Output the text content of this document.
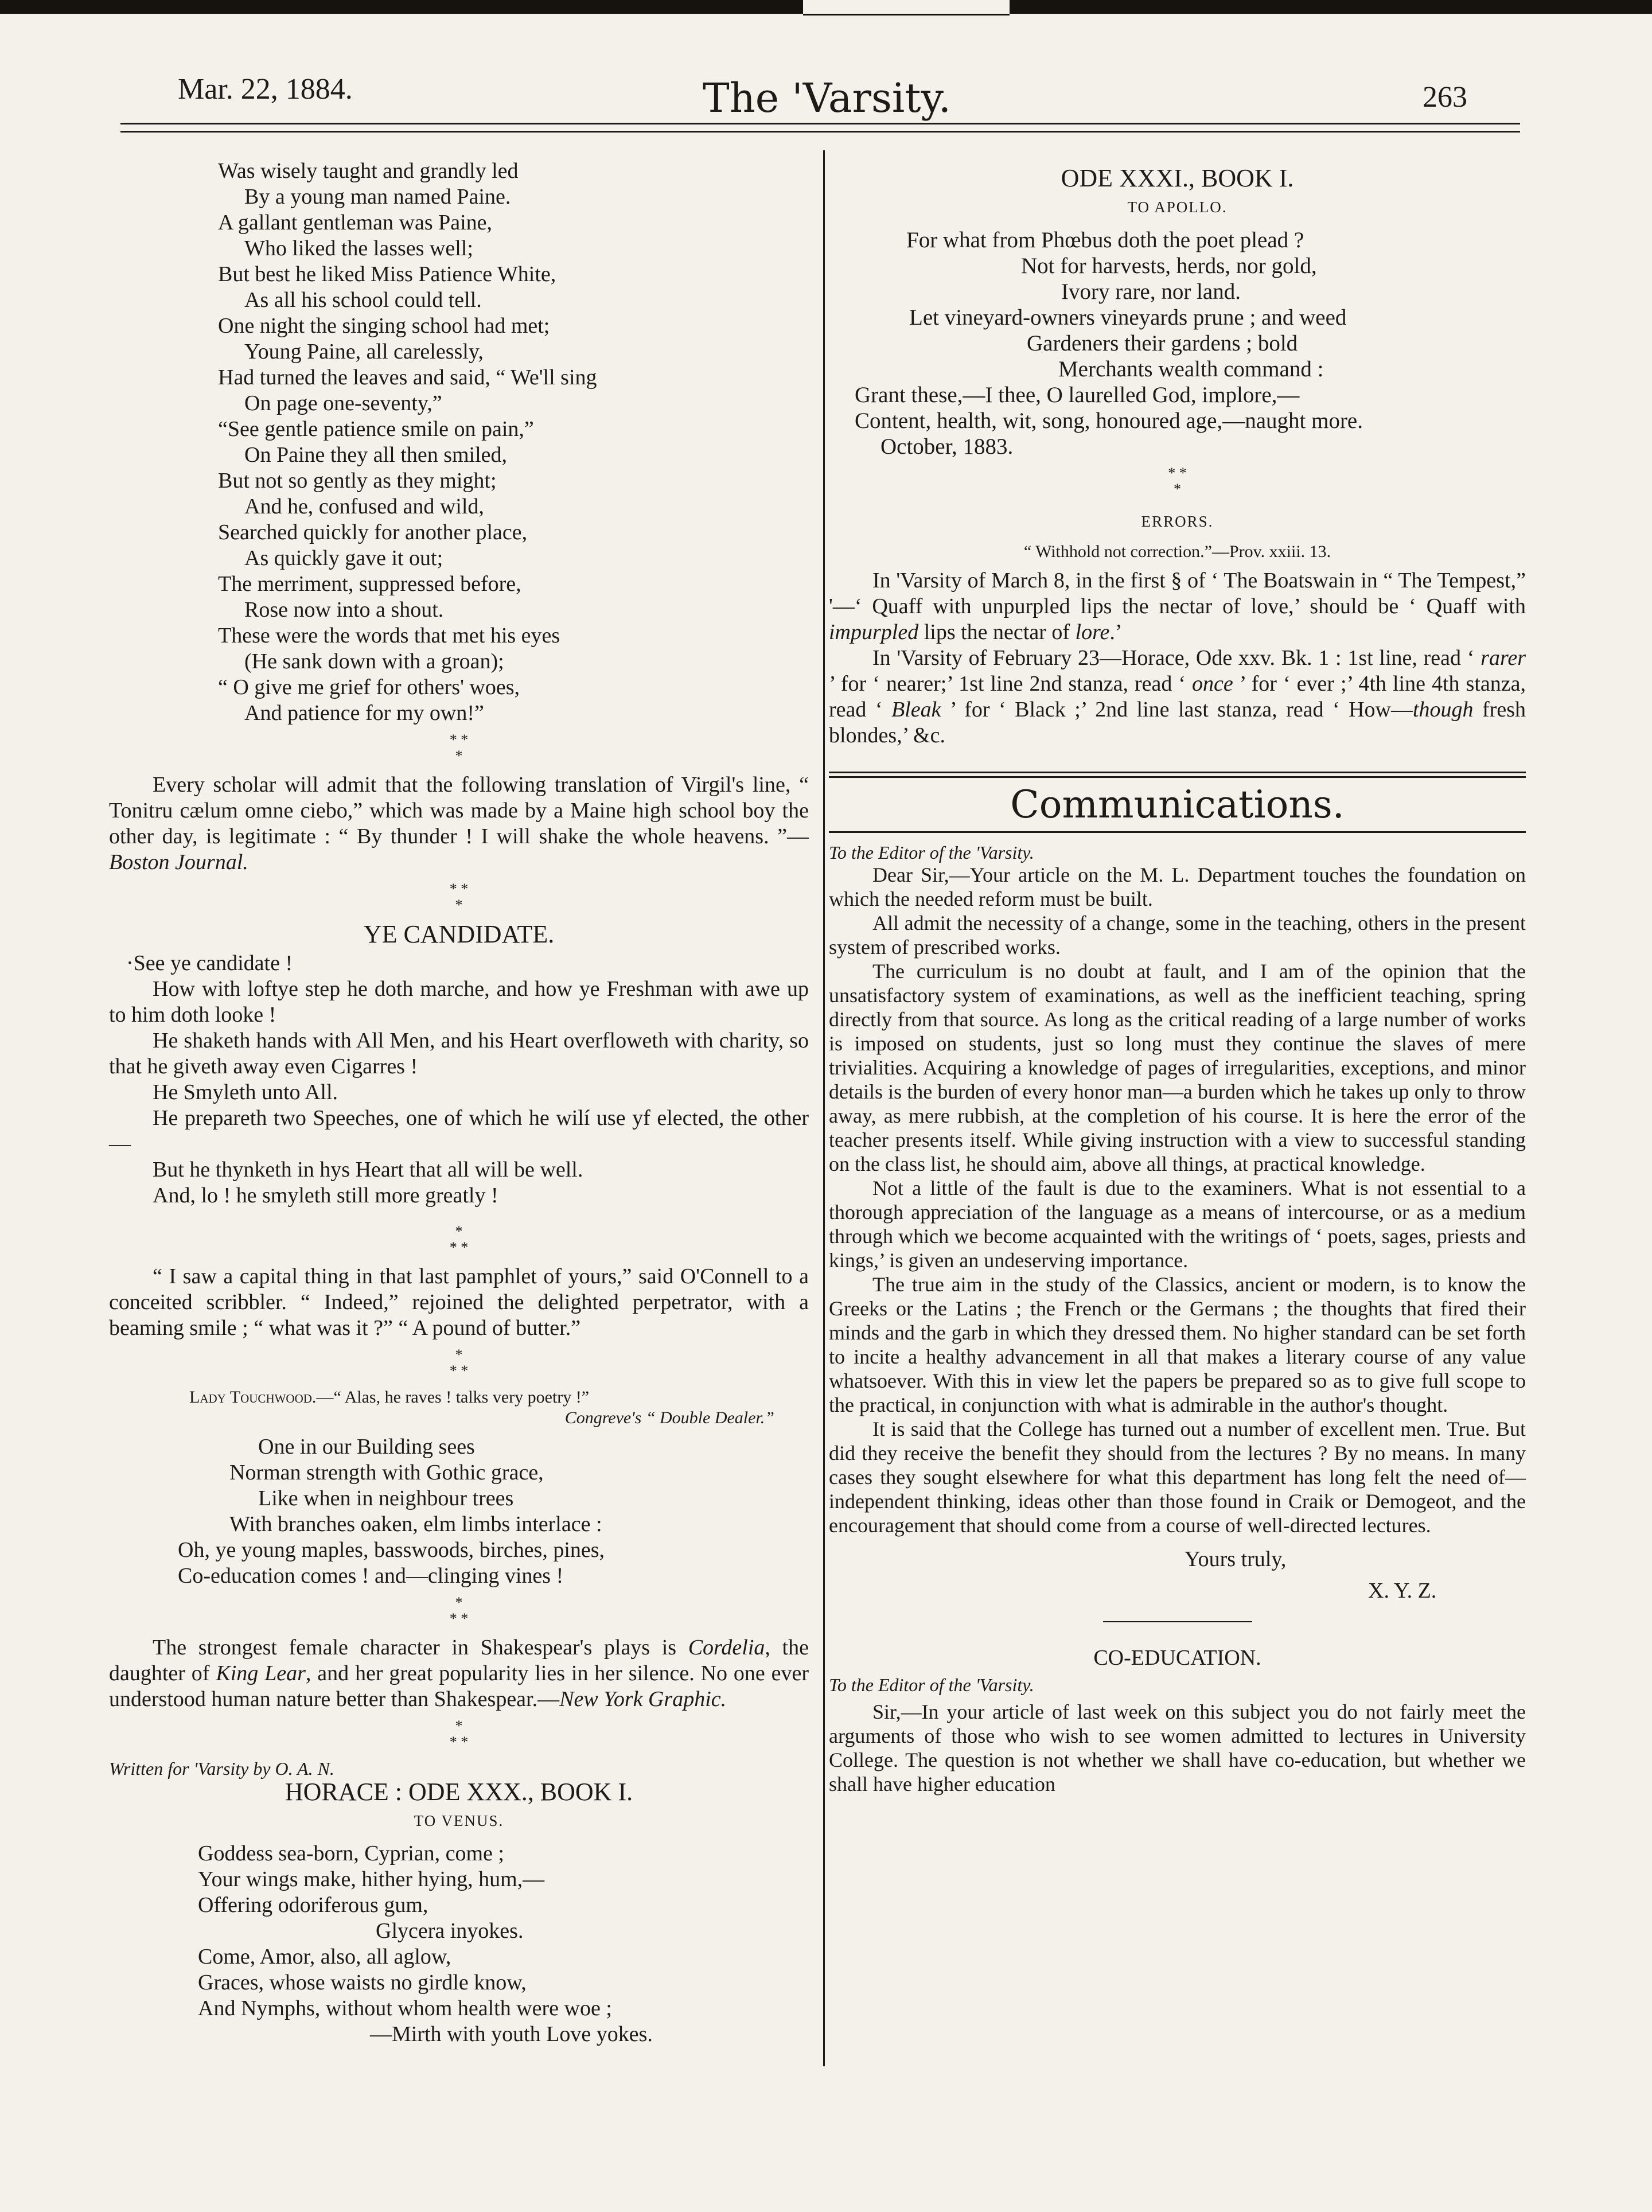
Mar. 22, 1884.	The 'Varsity.	263

Was wisely taught and grandly led
By a young man named Paine.

A gallant gentleman was Paine,
Who liked the lasses well;
But best he liked Miss Patience White,
As all his school could tell.

One night the singing school had met;
Young Paine, all carelessly,
Had turned the leaves and said, “ We'll sing
On page one-seventy,”

“See gentle patience smile on pain,”
On Paine they all then smiled,
But not so gently as they might;
And he, confused and wild,

Searched quickly for another place,
As quickly gave it out;
The merriment, suppressed before,
Rose now into a shout.

These were the words that met his eyes
(He sank down with a groan);
“ O give me grief for others' woes,
And patience for my own!”

* *
*

Every scholar will admit that the following translation of Virgil's line, “ Tonitru cælum omne ciebo,” which was made by a Maine high school boy the other day, is legitimate : “ By thunder ! I will shake the whole heavens. ”—Boston Journal.

* *
*
YE CANDIDATE.

·See ye candidate !

How with loftye step he doth marche, and how ye Freshman with awe up to him doth looke !

He shaketh hands with All Men, and his Heart overfloweth with charity, so that he giveth away even Cigarres !

He Smyleth unto All.

He prepareth two Speeches, one of which he wilí use yf elected, the other—

But he thynketh in hys Heart that all will be well.

And, lo ! he smyleth still more greatly !

*
* *

“ I saw a capital thing in that last pamphlet of yours,” said O'Connell to a conceited scribbler. “ Indeed,” rejoined the delighted perpetrator, with a beaming smile ; “ what was it ?” “ A pound of butter.”

*
* *

Lady Touchwood.—“ Alas, he raves ! talks very poetry !”

Congreve's “ Double Dealer.”

One in our Building sees
Norman strength with Gothic grace,
Like when in neighbour trees
With branches oaken, elm limbs interlace :
Oh, ye young maples, basswoods, birches, pines,
Co-education comes ! and—clinging vines !
*
* *

The strongest female character in Shakespear's plays is Cordelia, the daughter of King Lear, and her great popularity lies in her silence. No one ever understood human nature better than Shakespear.—New York Graphic.

*
* *

Written for 'Varsity by O. A. N.

HORACE : ODE XXX., BOOK I.
TO VENUS.
Goddess sea-born, Cyprian, come ;
Your wings make, hither hying, hum,—
Offering odoriferous gum,
Glycera inyokes.
Come, Amor, also, all aglow,
Graces, whose waists no girdle know,
And Nymphs, without whom health were woe ;
—Mirth with youth Love yokes.
ODE XXXI., BOOK I.
TO APOLLO.
For what from Phœbus doth the poet plead ?
Not for harvests, herds, nor gold,
Ivory rare, nor land.
Let vineyard-owners vineyards prune ; and weed
Gardeners their gardens ; bold
Merchants wealth command :
Grant these,—I thee, O laurelled God, implore,—
Content, health, wit, song, honoured age,—naught more.
October, 1883.
* *
*
ERRORS.

“ Withhold not correction.”—Prov. xxiii. 13.

In 'Varsity of March 8, in the first § of ‘ The Boatswain in “ The Tempest,” '—‘ Quaff with unpurpled lips the nectar of love,’ should be ‘ Quaff with impurpled lips the nectar of lore.’

In 'Varsity of February 23—Horace, Ode xxv. Bk. 1 : 1st line, read ‘ rarer ’ for ‘ nearer;’ 1st line 2nd stanza, read ‘ once ’ for ‘ ever ;’ 4th line 4th stanza, read ‘ Bleak ’ for ‘ Black ;’ 2nd line last stanza, read ‘ How—though fresh blondes,’ &c.

Communications.

To the Editor of the 'Varsity.

Dear Sir,—Your article on the M. L. Department touches the foundation on which the needed reform must be built.

All admit the necessity of a change, some in the teaching, others in the present system of prescribed works.

The curriculum is no doubt at fault, and I am of the opinion that the unsatisfactory system of examinations, as well as the inefficient teaching, spring directly from that source. As long as the critical reading of a large number of works is imposed on students, just so long must they continue the slaves of mere trivialities. Acquiring a knowledge of pages of irregularities, exceptions, and minor details is the burden of every honor man—a burden which he takes up only to throw away, as mere rubbish, at the completion of his course. It is here the error of the teacher presents itself. While giving instruction with a view to successful standing on the class list, he should aim, above all things, at practical knowledge.

Not a little of the fault is due to the examiners. What is not essential to a thorough appreciation of the language as a means of intercourse, or as a medium through which we become acquainted with the writings of ‘ poets, sages, priests and kings,’ is given an undeserving importance.

The true aim in the study of the Classics, ancient or modern, is to know the Greeks or the Latins ; the French or the Germans ; the thoughts that fired their minds and the garb in which they dressed them. No higher standard can be set forth to incite a healthy advancement in all that makes a literary course of any value whatsoever. With this in view let the papers be prepared so as to give full scope to the practical, in conjunction with what is admirable in the author's thought.

It is said that the College has turned out a number of excellent men. True. But did they receive the benefit they should from the lectures ? By no means. In many cases they sought elsewhere for what this department has long felt the need of—independent thinking, ideas other than those found in Craik or Demogeot, and the encouragement that should come from a course of well-directed lectures.

Yours truly,

X. Y. Z.

CO-EDUCATION.

To the Editor of the 'Varsity.

Sir,—In your article of last week on this subject you do not fairly meet the arguments of those who wish to see women admitted to lectures in University College. The question is not whether we shall have co-education, but whether we shall have higher education
